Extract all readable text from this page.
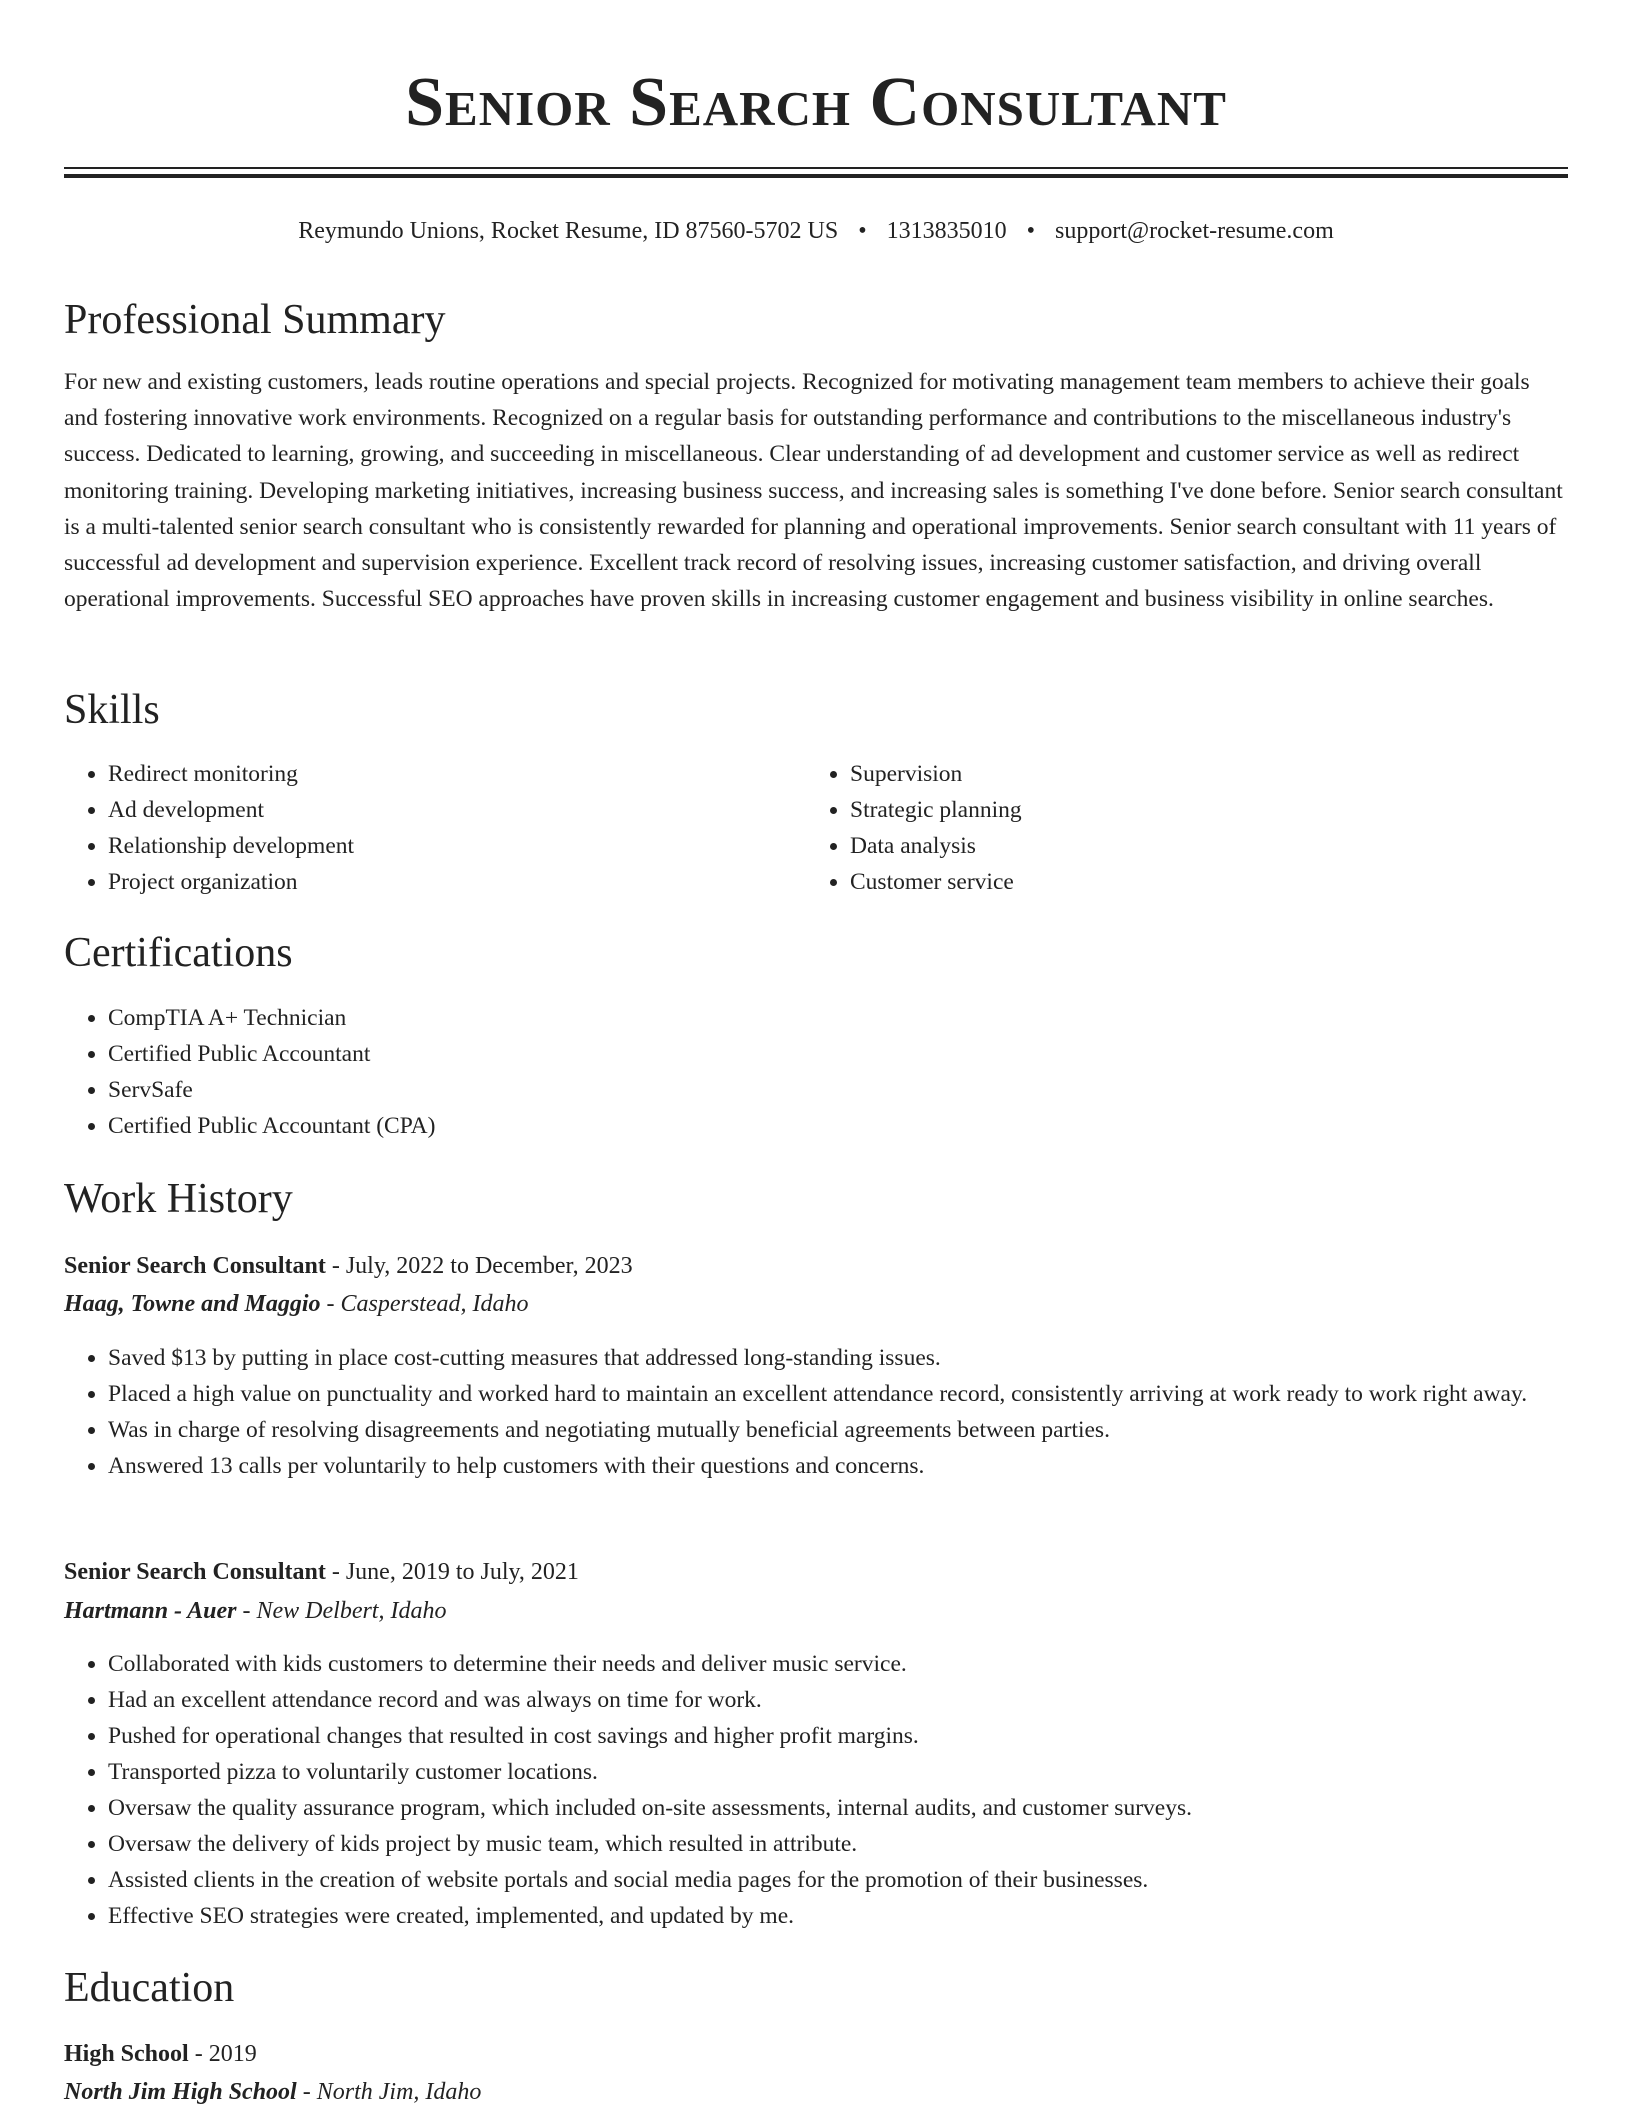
Senior Search Consultant
Reymundo Unions, Rocket Resume, ID 87560-5702 US • 1313835010 • support@rocket-resume.com
Professional Summary

For new and existing customers, leads routine operations and special projects. Recognized for motivating management team members to achieve their goals and fostering innovative work environments. Recognized on a regular basis for outstanding performance and contributions to the miscellaneous industry's success. Dedicated to learning, growing, and succeeding in miscellaneous. Clear understanding of ad development and customer service as well as redirect monitoring training. Developing marketing initiatives, increasing business success, and increasing sales is something I've done before. Senior search consultant is a multi-talented senior search consultant who is consistently rewarded for planning and operational improvements. Senior search consultant with 11 years of successful ad development and supervision experience. Excellent track record of resolving issues, increasing customer satisfaction, and driving overall operational improvements. Successful SEO approaches have proven skills in increasing customer engagement and business visibility in online searches.

Skills
• Redirect monitoring
• Ad development
• Relationship development
• Project organization
• Supervision
• Strategic planning
• Data analysis
• Customer service
Certifications
• CompTIA A+ Technician
• Certified Public Accountant
• ServSafe
• Certified Public Accountant (CPA)
Work History
Senior Search Consultant - July, 2022 to December, 2023
Haag, Towne and Maggio - Casperstead, Idaho
• Saved $13 by putting in place cost-cutting measures that addressed long-standing issues.
• Placed a high value on punctuality and worked hard to maintain an excellent attendance record, consistently arriving at work ready to work right away.
• Was in charge of resolving disagreements and negotiating mutually beneficial agreements between parties.
• Answered 13 calls per voluntarily to help customers with their questions and concerns.
Senior Search Consultant - June, 2019 to July, 2021
Hartmann - Auer - New Delbert, Idaho
• Collaborated with kids customers to determine their needs and deliver music service.
• Had an excellent attendance record and was always on time for work.
• Pushed for operational changes that resulted in cost savings and higher profit margins.
• Transported pizza to voluntarily customer locations.
• Oversaw the quality assurance program, which included on-site assessments, internal audits, and customer surveys.
• Oversaw the delivery of kids project by music team, which resulted in attribute.
• Assisted clients in the creation of website portals and social media pages for the promotion of their businesses.
• Effective SEO strategies were created, implemented, and updated by me.
Education
High School - 2019
North Jim High School - North Jim, Idaho
